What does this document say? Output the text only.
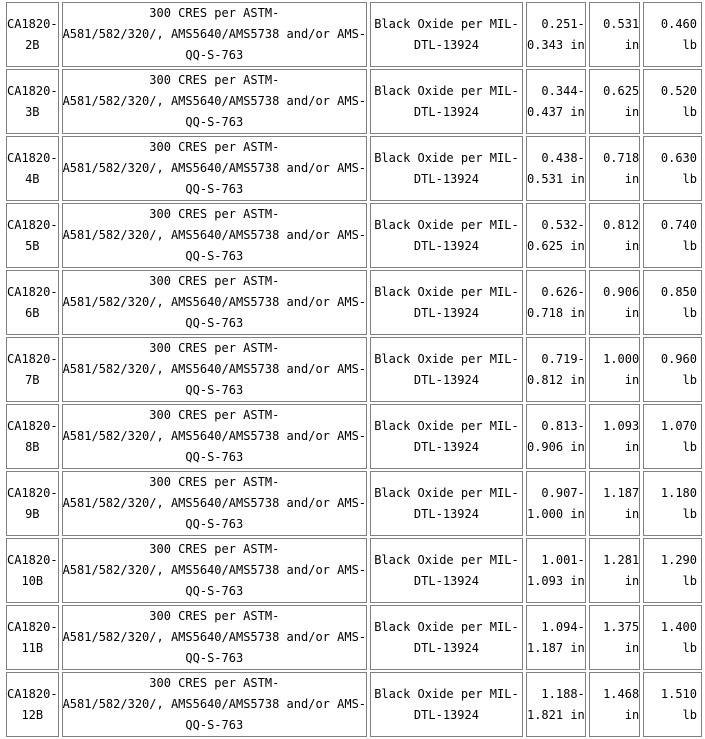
CA1820-
2B	300 CRES per ASTM-
A581/582/320/, AMS5640/AMS5738 and/or AMS-
QQ-S-763	Black Oxide per MIL-
DTL-13924	0.251-
0.343 in	0.531 in	0.460 lb

CA1820-
3B	300 CRES per ASTM-
A581/582/320/, AMS5640/AMS5738 and/or AMS-
QQ-S-763	Black Oxide per MIL-
DTL-13924	0.344-
0.437 in	0.625 in	0.520 lb

CA1820-
4B	300 CRES per ASTM-
A581/582/320/, AMS5640/AMS5738 and/or AMS-
QQ-S-763	Black Oxide per MIL-
DTL-13924	0.438-
0.531 in	0.718 in	0.630 lb

CA1820-
5B	300 CRES per ASTM-
A581/582/320/, AMS5640/AMS5738 and/or AMS-
QQ-S-763	Black Oxide per MIL-
DTL-13924	0.532-
0.625 in	0.812 in	0.740 lb

CA1820-
6B	300 CRES per ASTM-
A581/582/320/, AMS5640/AMS5738 and/or AMS-
QQ-S-763	Black Oxide per MIL-
DTL-13924	0.626-
0.718 in	0.906 in	0.850 lb

CA1820-
7B	300 CRES per ASTM-
A581/582/320/, AMS5640/AMS5738 and/or AMS-
QQ-S-763	Black Oxide per MIL-
DTL-13924	0.719-
0.812 in	1.000 in	0.960 lb

CA1820-
8B	300 CRES per ASTM-
A581/582/320/, AMS5640/AMS5738 and/or AMS-
QQ-S-763	Black Oxide per MIL-
DTL-13924	0.813-
0.906 in	1.093 in	1.070 lb

CA1820-
9B	300 CRES per ASTM-
A581/582/320/, AMS5640/AMS5738 and/or AMS-
QQ-S-763	Black Oxide per MIL-
DTL-13924	0.907-
1.000 in	1.187 in	1.180 lb

CA1820-
10B	300 CRES per ASTM-
A581/582/320/, AMS5640/AMS5738 and/or AMS-
QQ-S-763	Black Oxide per MIL-
DTL-13924	1.001-
1.093 in	1.281 in	1.290 lb

CA1820-
11B	300 CRES per ASTM-
A581/582/320/, AMS5640/AMS5738 and/or AMS-
QQ-S-763	Black Oxide per MIL-
DTL-13924	1.094-
1.187 in	1.375 in	1.400 lb

CA1820-
12B	300 CRES per ASTM-
A581/582/320/, AMS5640/AMS5738 and/or AMS-
QQ-S-763	Black Oxide per MIL-
DTL-13924	1.188-
1.821 in	1.468 in	1.510 lb
